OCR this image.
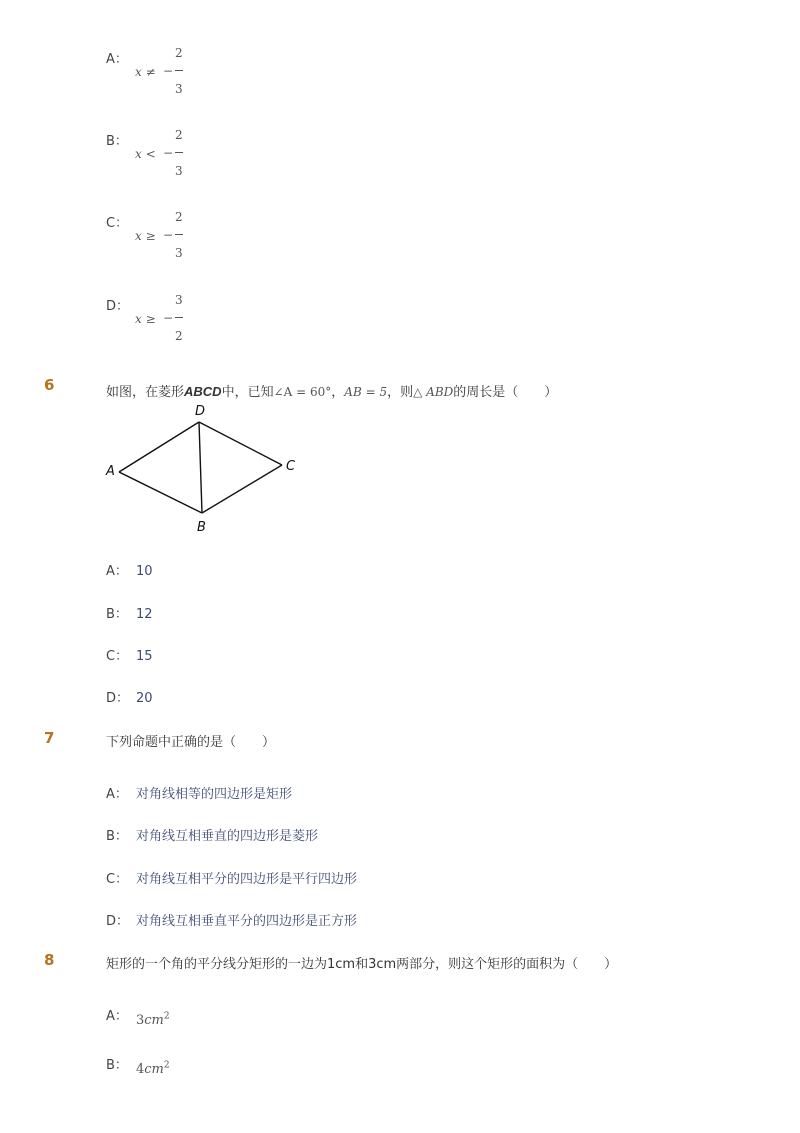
A：
x ≠ −
2
3
B：
x < −
2
3
C：
x ≥ −
2
3
D：
x ≥ −
3
2
6	如图，在菱形ABCD中，已知∠A = 60°，AB = 5，则△ ABD的周长是（　　）
A
D
C
B
A： 10
B： 12
C： 15
D： 20
7	下列命题中正确的是（　　）
A： 对角线相等的四边形是矩形
B： 对角线互相垂直的四边形是菱形
C： 对角线互相平分的四边形是平行四边形
D： 对角线互相垂直平分的四边形是正方形
8	矩形的一个角的平分线分矩形的一边为1cm和3cm两部分，则这个矩形的面积为（　　）
A： $3cm^2$
B： $4cm^2$
